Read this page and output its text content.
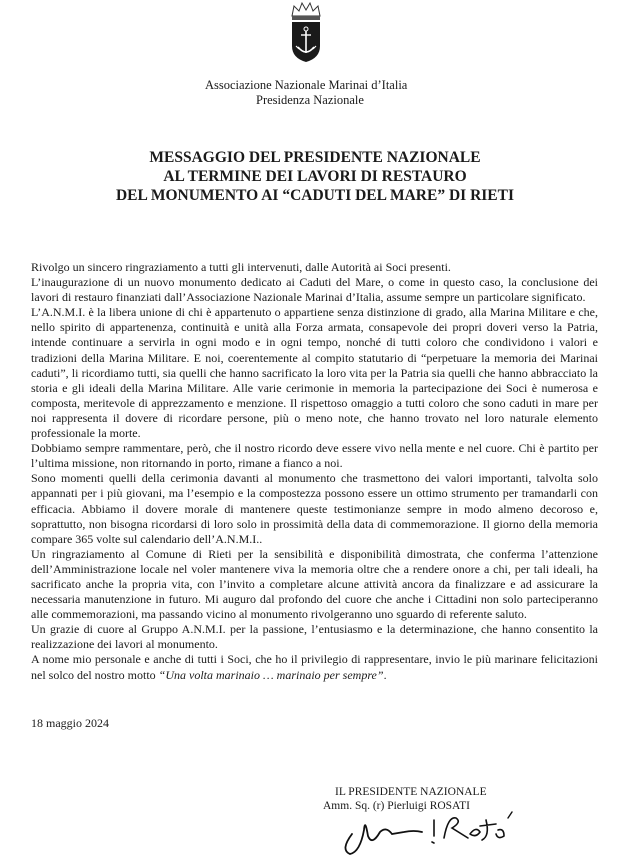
Associazione Nazionale Marinai d’Italia
Presidenza Nazionale
MESSAGGIO DEL PRESIDENTE NAZIONALE
AL TERMINE DEI LAVORI DI RESTAURO
DEL MONUMENTO AI “CADUTI DEL MARE” DI RIETI

Rivolgo un sincero ringraziamento a tutti gli intervenuti, dalle Autorità ai Soci presenti.

L’inaugurazione di un nuovo monumento dedicato ai Caduti del Mare, o come in questo caso, la conclusione dei lavori di restauro finanziati dall’Associazione Nazionale Marinai d’Italia, assume sempre un particolare significato.

L’A.N.M.I. è la libera unione di chi è appartenuto o appartiene senza distinzione di grado, alla Marina Militare e che, nello spirito di appartenenza, continuità e unità alla Forza armata, consapevole dei propri doveri verso la Patria, intende continuare a servirla in ogni modo e in ogni tempo, nonché di tutti coloro che condividono i valori e tradizioni della Marina Militare. E noi, coerentemente al compito statutario di “perpetuare la memoria dei Marinai caduti”, li ricordiamo tutti, sia quelli che hanno sacrificato la loro vita per la Patria sia quelli che hanno abbracciato la storia e gli ideali della Marina Militare. Alle varie cerimonie in memoria la partecipazione dei Soci è numerosa e composta, meritevole di apprezzamento e menzione. Il rispettoso omaggio a tutti coloro che sono caduti in mare per noi rappresenta il dovere di ricordare persone, più o meno note, che hanno trovato nel loro naturale elemento professionale la morte.

Dobbiamo sempre rammentare, però, che il nostro ricordo deve essere vivo nella mente e nel cuore. Chi è partito per l’ultima missione, non ritornando in porto, rimane a fianco a noi.

Sono momenti quelli della cerimonia davanti al monumento che trasmettono dei valori importanti, talvolta solo appannati per i più giovani, ma l’esempio e la compostezza possono essere un ottimo strumento per tramandarli con efficacia. Abbiamo il dovere morale di mantenere queste testimonianze sempre in modo almeno decoroso e, soprattutto, non bisogna ricordarsi di loro solo in prossimità della data di commemorazione. Il giorno della memoria compare 365 volte sul calendario dell’A.N.M.I..

Un ringraziamento al Comune di Rieti per la sensibilità e disponibilità dimostrata, che conferma l’attenzione dell’Amministrazione locale nel voler mantenere viva la memoria oltre che a rendere onore a chi, per tali ideali, ha sacrificato anche la propria vita, con l’invito a completare alcune attività ancora da finalizzare e ad assicurare la necessaria manutenzione in futuro. Mi auguro dal profondo del cuore che anche i Cittadini non solo parteciperanno alle commemorazioni, ma passando vicino al monumento rivolgeranno uno sguardo di referente saluto.

Un grazie di cuore al Gruppo A.N.M.I. per la passione, l’entusiasmo e la determinazione, che hanno consentito la realizzazione dei lavori al monumento.

A nome mio personale e anche di tutti i Soci, che ho il privilegio di rappresentare, invio le più marinare felicitazioni nel solco del nostro motto “Una volta marinaio … marinaio per sempre”.

18 maggio 2024
IL PRESIDENTE NAZIONALE
Amm. Sq. (r) Pierluigi ROSATI
